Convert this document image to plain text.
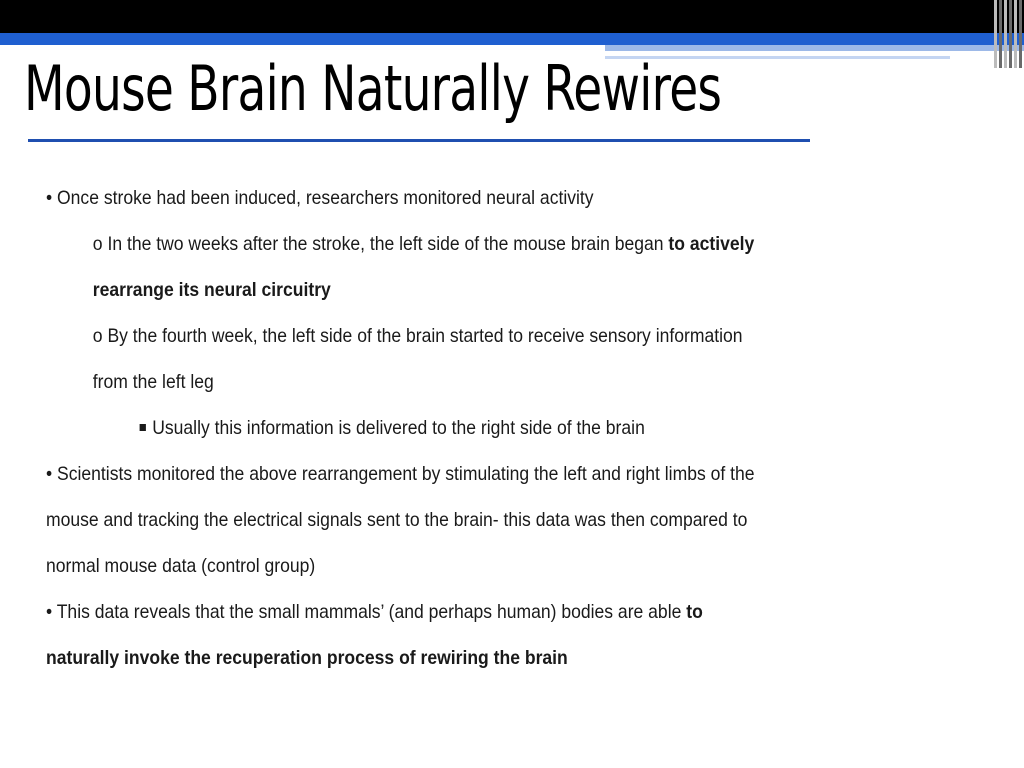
Mouse Brain Naturally Rewires
• Once stroke had been induced, researchers monitored neural activity
o In the two weeks after the stroke, the left side of the mouse brain began to actively
rearrange its neural circuitry
o By the fourth week, the left side of the brain started to receive sensory information
from the left leg
Usually this information is delivered to the right side of the brain
• Scientists monitored the above rearrangement by stimulating the left and right limbs of the
mouse and tracking the electrical signals sent to the brain- this data was then compared to
normal mouse data (control group)
• This data reveals that the small mammals’ (and perhaps human) bodies are able to
naturally invoke the recuperation process of rewiring the brain
